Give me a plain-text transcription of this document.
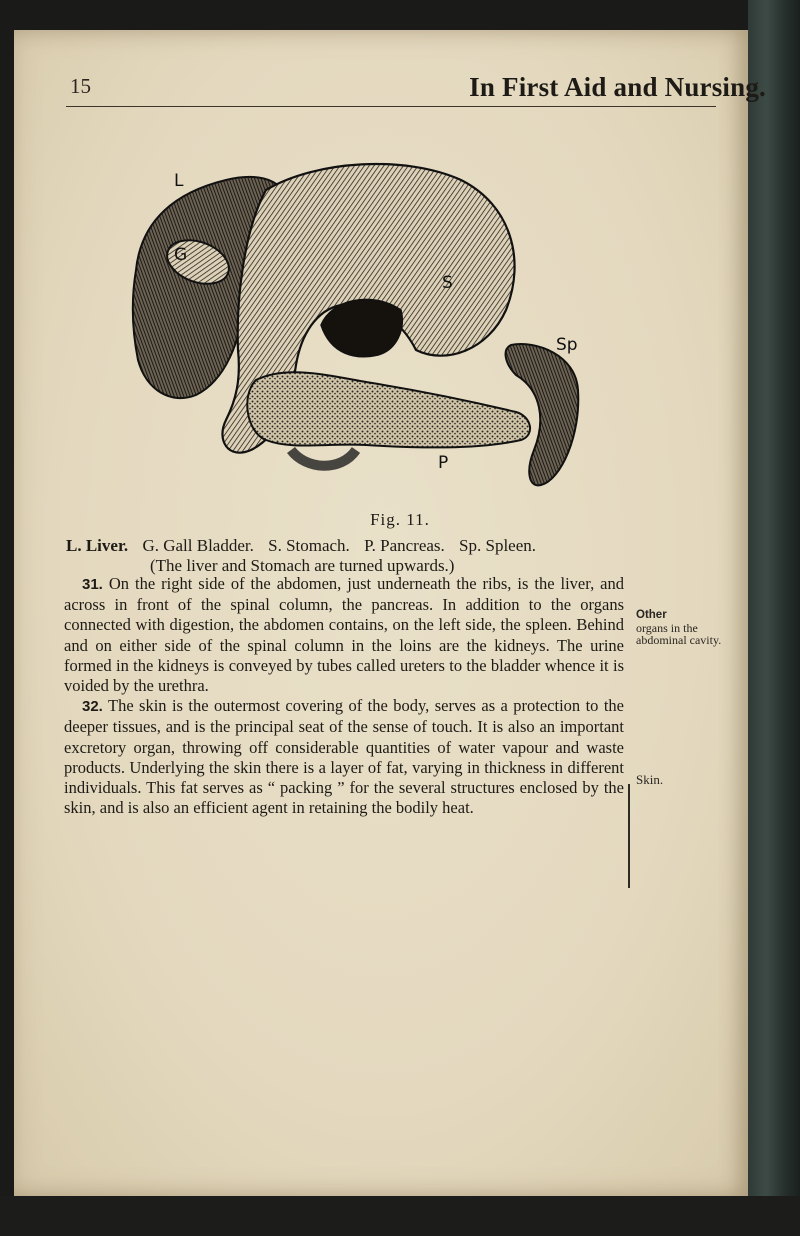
15	In First Aid and Nursing.
L
G
S
Sp
P
Fig. 11.
L. Liver. G. Gall Bladder. S. Stomach. P. Pancreas. Sp. Spleen.
(The liver and Stomach are turned upwards.)

31. On the right side of the abdomen, just underneath the ribs, is the liver, and across in front of the spinal column, the pancreas. In addition to the organs connected with digestion, the abdomen contains, on the left side, the spleen. Behind and on either side of the spinal column in the loins are the kidneys. The urine formed in the kidneys is conveyed by tubes called ureters to the bladder whence it is voided by the urethra.

32. The skin is the outermost covering of the body, serves as a protection to the deeper tissues, and is the principal seat of the sense of touch. It is also an important excretory organ, throwing off considerable quantities of water vapour and waste products. Underlying the skin there is a layer of fat, varying in thickness in different individuals. This fat serves as “ packing ” for the several structures enclosed by the skin, and is also an efficient agent in retaining the bodily heat.

Other
organs in the abdominal cavity.
Skin.
